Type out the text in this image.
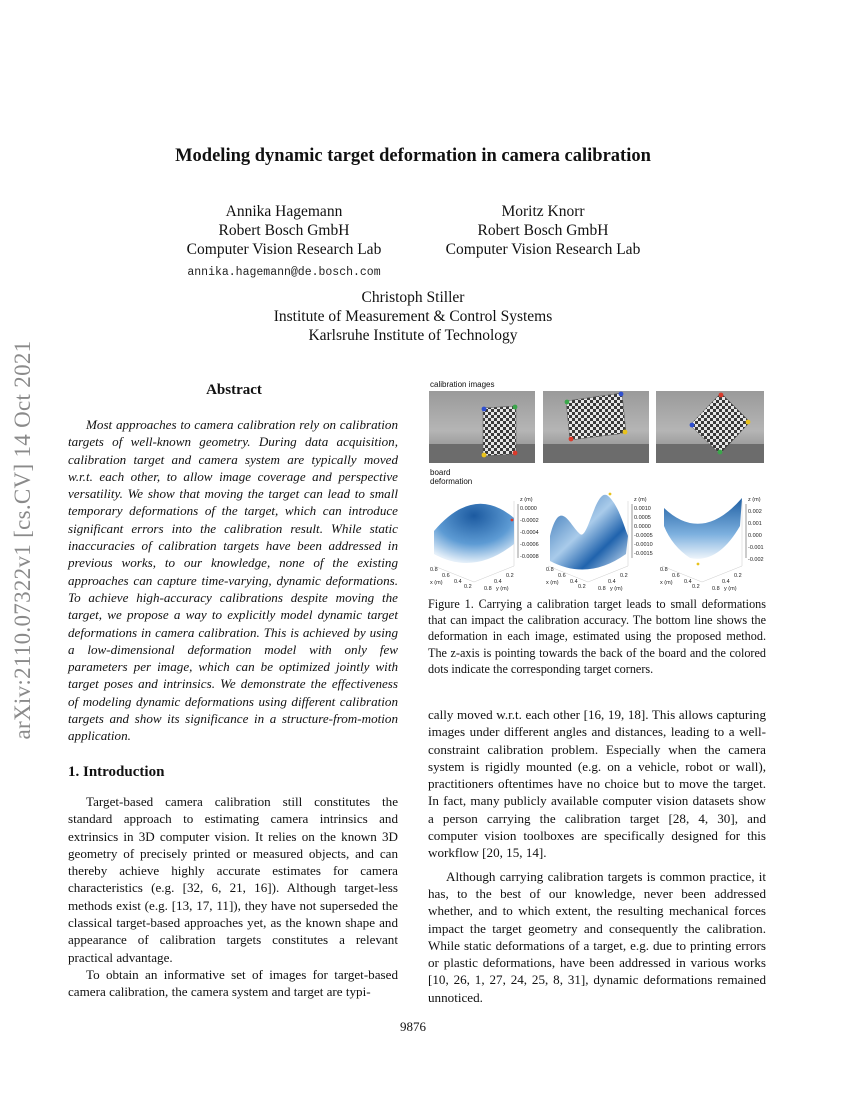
arXiv:2110.07322v1 [cs.CV] 14 Oct 2021
Modeling dynamic target deformation in camera calibration
Annika Hagemann
Robert Bosch GmbH
Computer Vision Research Lab
annika.hagemann@de.bosch.com
Moritz Knorr
Robert Bosch GmbH
Computer Vision Research Lab
Christoph Stiller
Institute of Measurement & Control Systems
Karlsruhe Institute of Technology
Abstract
Most approaches to camera calibration rely on calibration targets of well-known geometry. During data acquisition, calibration target and camera system are typically moved w.r.t. each other, to allow image coverage and perspective versatility. We show that moving the target can lead to small temporary deformations of the target, which can introduce significant errors into the calibration result. While static inaccuracies of calibration targets have been addressed in previous works, to our knowledge, none of the existing approaches can capture time-varying, dynamic deformations. To achieve high-accuracy calibrations despite moving the target, we propose a way to explicitly model dynamic target deformations in camera calibration. This is achieved by using a low-dimensional deformation model with only few parameters per image, which can be optimized jointly with target poses and intrinsics. We demonstrate the effectiveness of modeling dynamic deformations using different calibration targets and show its significance in a structure-from-motion application.
1. Introduction

Target-based camera calibration still constitutes the standard approach to estimating camera intrinsics and extrinsics in 3D computer vision. It relies on the known 3D geometry of precisely printed or measured objects, and can thereby achieve highly accurate estimates for camera characteristics (e.g. [32, 6, 21, 16]). Although target-less methods exist (e.g. [13, 17, 11]), they have not superseded the classical target-based approaches yet, as the known shape and appearance of calibration targets constitutes a relevant practical advantage.

To obtain an informative set of images for target-based camera calibration, the camera system and target are typi-

calibration images
board
deformation
z (m)
0.0000
-0.0002
-0.0004
-0.0006
-0.0008
0.8
0.6
0.4
0.2
x (m)	0.4
0.2
0.8 y (m)
z (m)
0.0010
0.0005
0.0000
-0.0005
-0.0010
-0.0015
0.8
0.6
0.4
0.2
x (m)	0.4
0.2
0.8 y (m)
z (m)
0.002
0.001
0.000
-0.001
-0.002
0.8
0.6
0.4
0.2
x (m)	0.4
0.2
0.8 y (m)
Figure 1. Carrying a calibration target leads to small deformations that can impact the calibration accuracy. The bottom line shows the deformation in each image, estimated using the proposed method. The z-axis is pointing towards the back of the board and the colored dots indicate the corresponding target corners.

cally moved w.r.t. each other [16, 19, 18]. This allows capturing images under different angles and distances, leading to a well-constraint calibration problem. Especially when the camera system is rigidly mounted (e.g. on a vehicle, robot or wall), practitioners oftentimes have no choice but to move the target. In fact, many publicly available computer vision datasets show a person carrying the calibration target [28, 4, 30], and computer vision toolboxes are specifically designed for this workflow [20, 15, 14].

Although carrying calibration targets is common practice, it has, to the best of our knowledge, never been addressed whether, and to which extent, the resulting mechanical forces impact the target geometry and consequently the calibration. While static deformations of a target, e.g. due to printing errors or plastic deformations, have been addressed in various works [10, 26, 1, 27, 24, 25, 8, 31], dynamic deformations remained unnoticed.

9876
